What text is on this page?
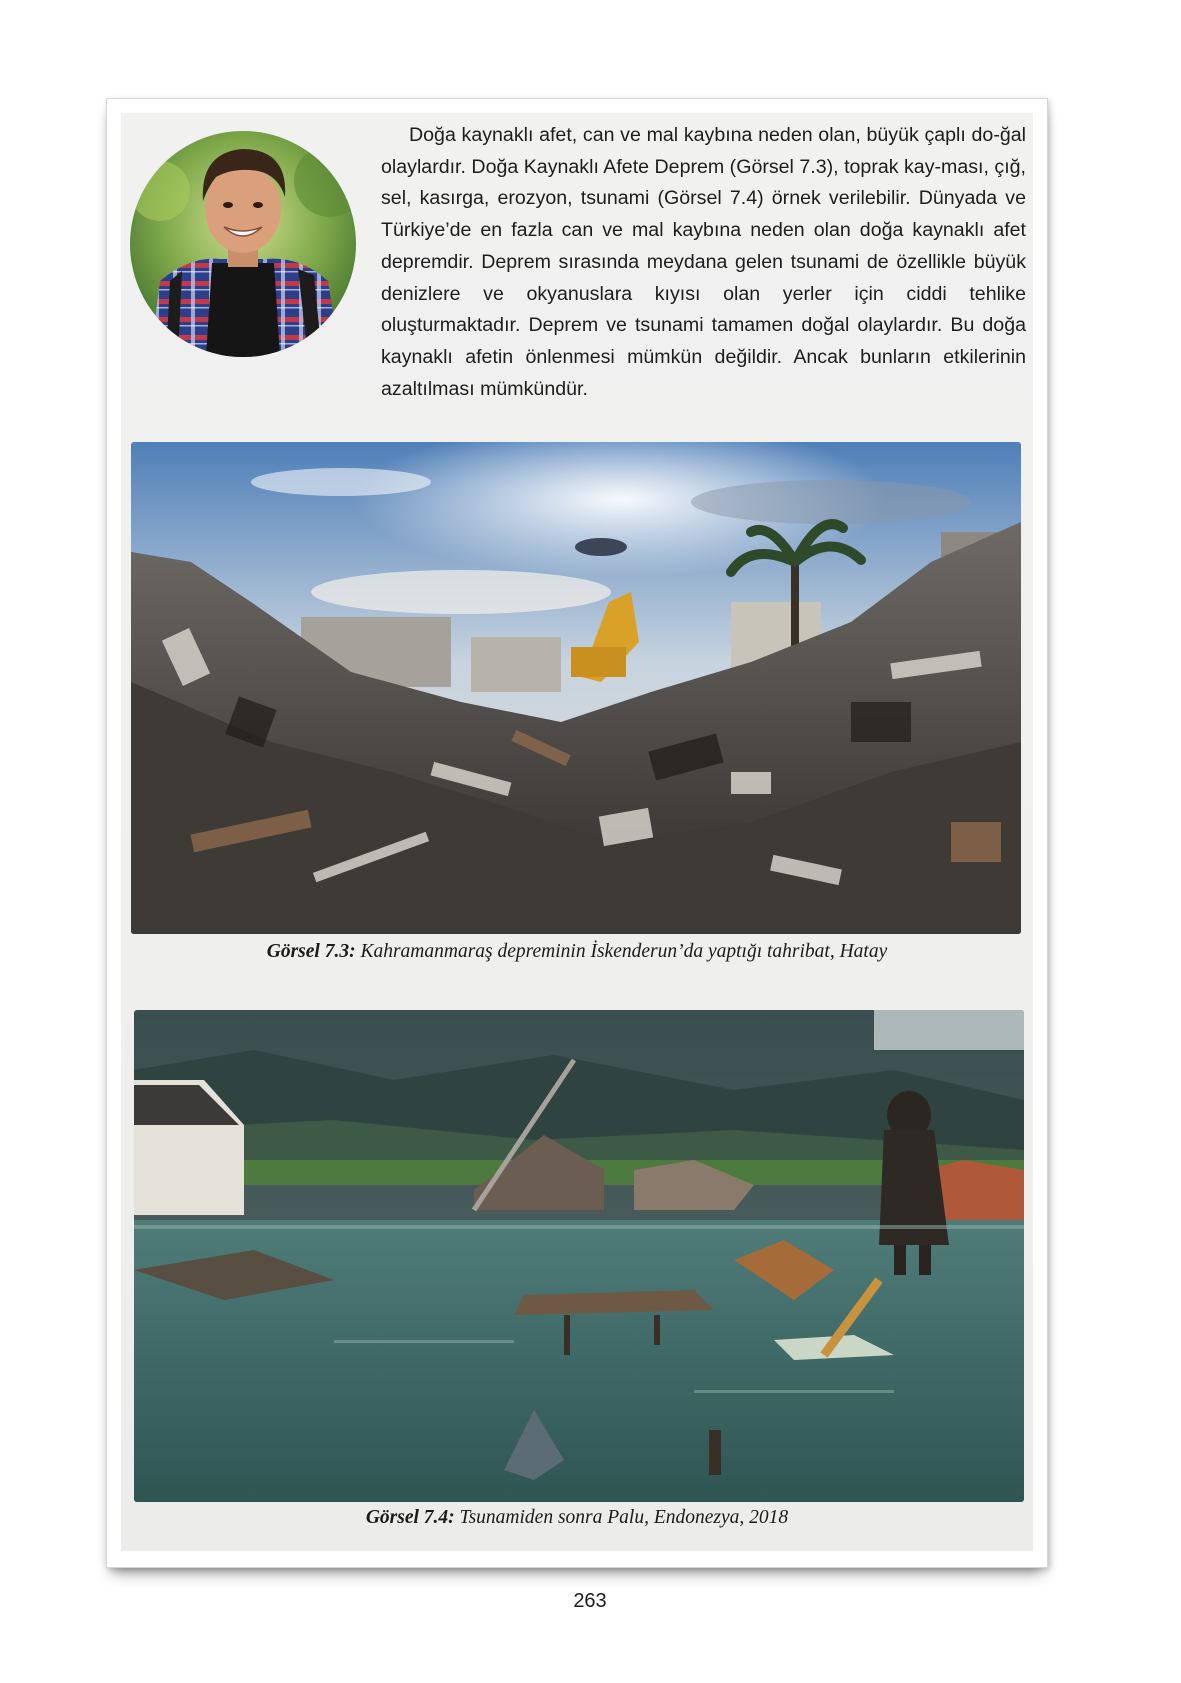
Doğa kaynaklı afet, can ve mal kaybına neden olan, büyük çaplı do-ğal olaylardır. Doğa Kaynaklı Afete Deprem (Görsel 7.3), toprak kay-ması, çığ, sel, kasırga, erozyon, tsunami (Görsel 7.4) örnek verilebilir. Dünyada ve Türkiye’de en fazla can ve mal kaybına neden olan doğa kaynaklı afet depremdir. Deprem sırasında meydana gelen tsunami de özellikle büyük denizlere ve okyanuslara kıyısı olan yerler için ciddi tehlike oluşturmaktadır. Deprem ve tsunami tamamen doğal olaylardır. Bu doğa kaynaklı afetin önlenmesi mümkün değildir. Ancak bunların etkilerinin azaltılması mümkündür.

Görsel 7.3: Kahramanmaraş depreminin İskenderun’da yaptığı tahribat, Hatay

Görsel 7.4: Tsunamiden sonra Palu, Endonezya, 2018

263
